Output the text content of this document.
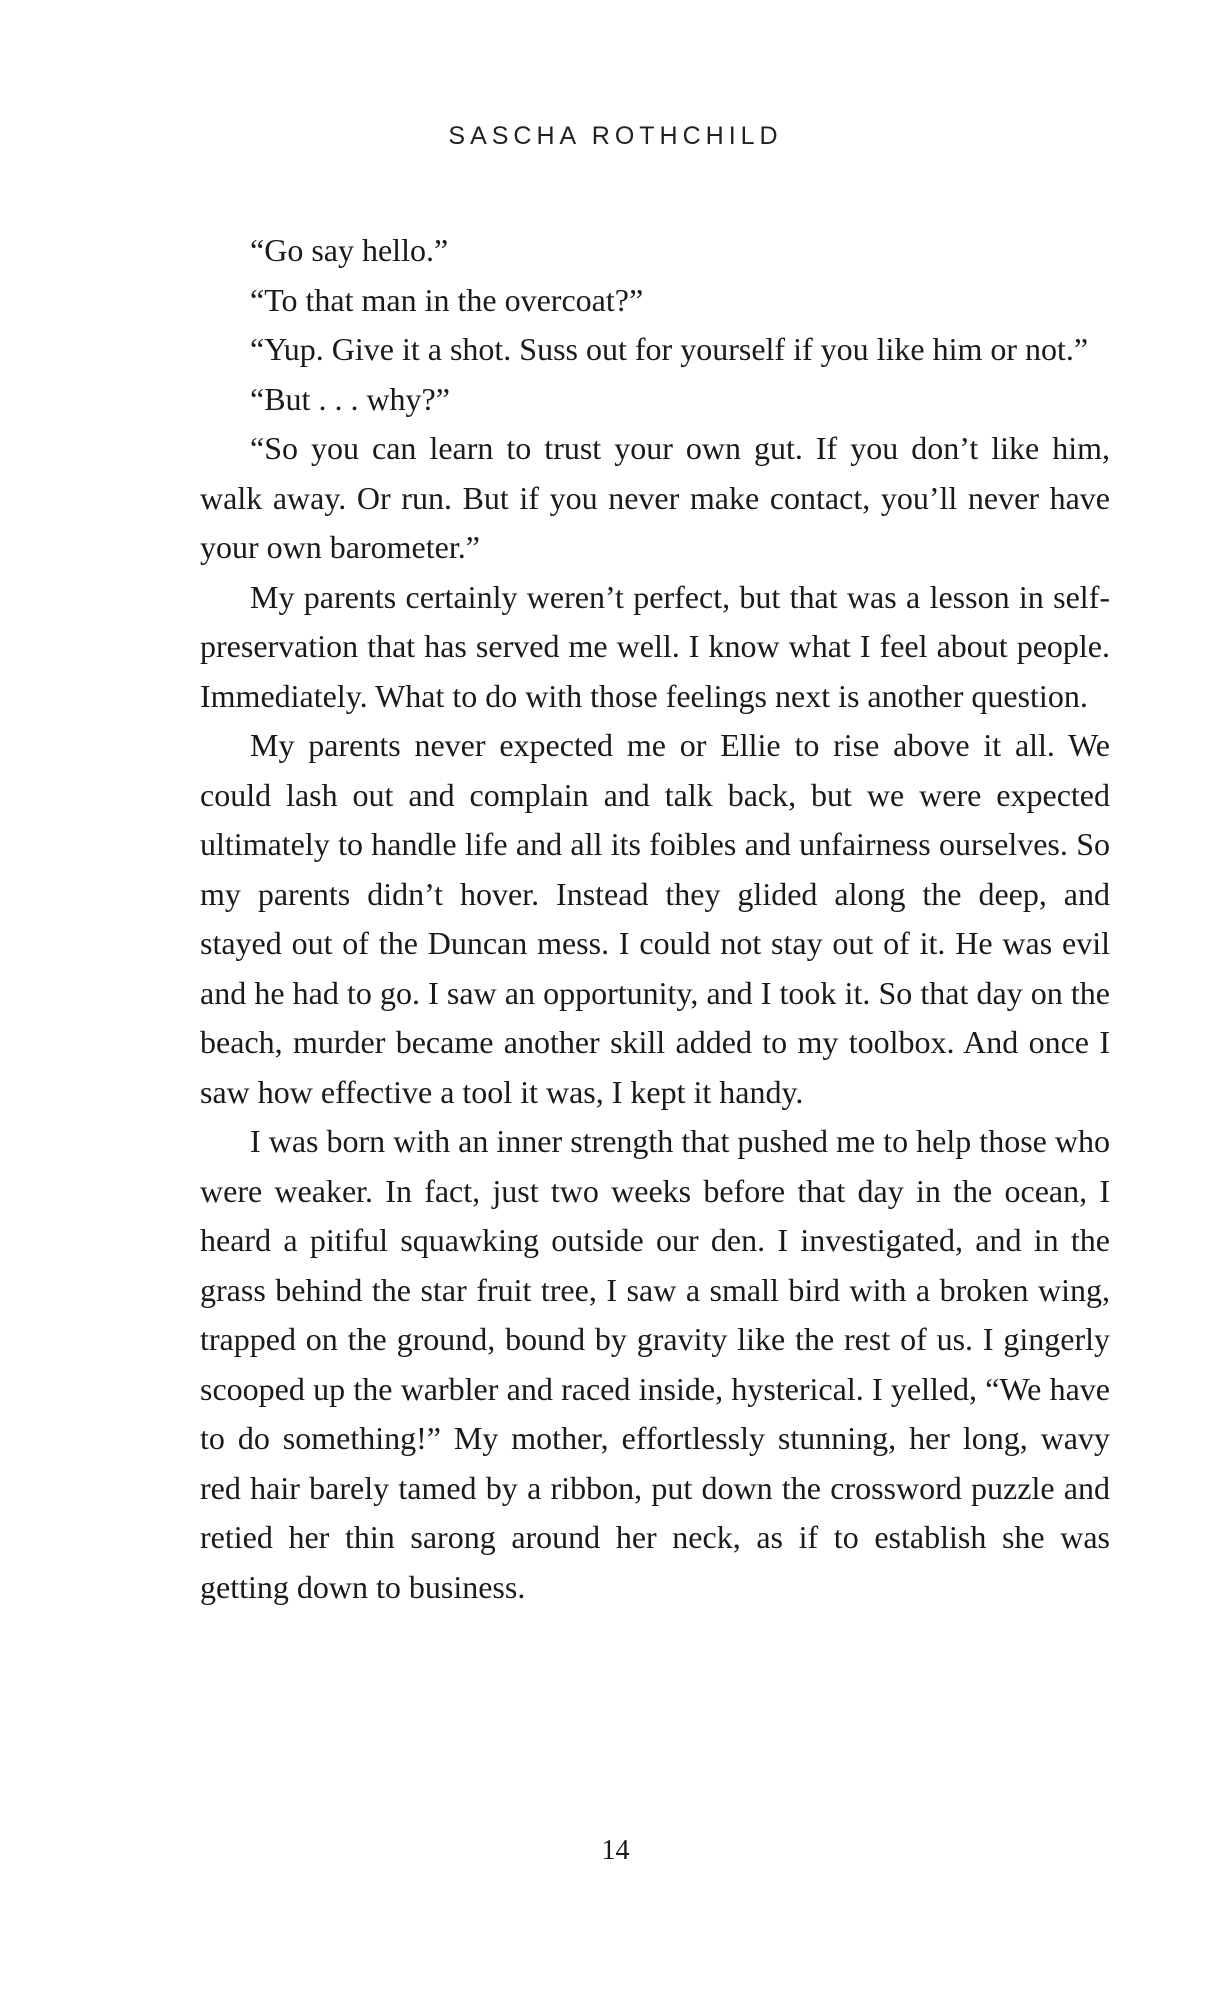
SASCHA ROTHCHILD

“Go say hello.”

“To that man in the overcoat?”

“Yup. Give it a shot. Suss out for yourself if you like him or not.”

“But . . . why?”

“So you can learn to trust your own gut. If you don’t like him, walk away. Or run. But if you never make contact, you’ll never have your own barometer.”

My parents certainly weren’t perfect, but that was a lesson in self-preservation that has served me well. I know what I feel about people. Immediately. What to do with those feelings next is another question.

My parents never expected me or Ellie to rise above it all. We could lash out and complain and talk back, but we were expected ultimately to handle life and all its foibles and unfairness ourselves. So my parents didn’t hover. Instead they glided along the deep, and stayed out of the Duncan mess. I could not stay out of it. He was evil and he had to go. I saw an opportunity, and I took it. So that day on the beach, murder became another skill added to my toolbox. And once I saw how effective a tool it was, I kept it handy.

I was born with an inner strength that pushed me to help those who were weaker. In fact, just two weeks before that day in the ocean, I heard a pitiful squawking outside our den. I investigated, and in the grass behind the star fruit tree, I saw a small bird with a broken wing, trapped on the ground, bound by gravity like the rest of us. I gingerly scooped up the warbler and raced inside, hysterical. I yelled, “We have to do something!” My mother, effortlessly stunning, her long, wavy red hair barely tamed by a ribbon, put down the crossword puzzle and retied her thin sarong around her neck, as if to establish she was getting down to business.

14
